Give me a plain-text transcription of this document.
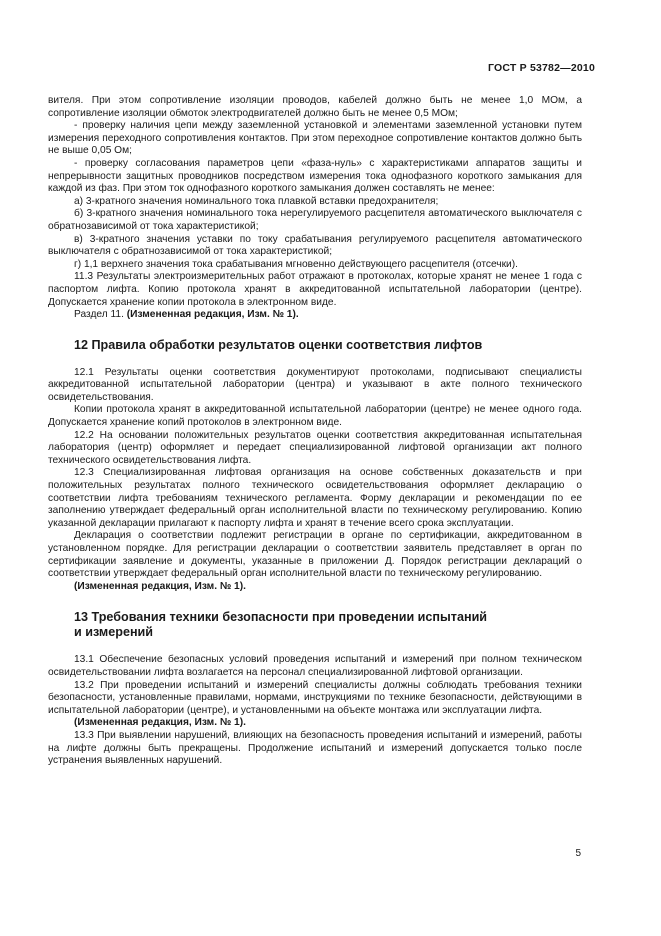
ГОСТ Р 53782—2010

вителя. При этом сопротивление изоляции проводов, кабелей должно быть не менее 1,0 МОм, а сопротивление изоляции обмоток электродвигателей должно быть не менее 0,5 МОм;

- проверку наличия цепи между заземленной установкой и элементами заземленной установки путем измерения переходного сопротивления контактов. При этом переходное сопротивление контактов должно быть не выше 0,05 Ом;

- проверку согласования параметров цепи «фаза-нуль» с характеристиками аппаратов защиты и непрерывности защитных проводников посредством измерения тока однофазного короткого замыкания для каждой из фаз. При этом ток однофазного короткого замыкания должен составлять не менее:

а) 3-кратного значения номинального тока плавкой вставки предохранителя;

б) 3-кратного значения номинального тока нерегулируемого расцепителя автоматического выключателя с обратнозависимой от тока характеристикой;

в) 3-кратного значения уставки по току срабатывания регулируемого расцепителя автоматического выключателя с обратнозависимой от тока характеристикой;

г) 1,1 верхнего значения тока срабатывания мгновенно действующего расцепителя (отсечки).

11.3 Результаты электроизмерительных работ отражают в протоколах, которые хранят не менее 1 года с паспортом лифта. Копию протокола хранят в аккредитованной испытательной лаборатории (центре). Допускается хранение копии протокола в электронном виде.

Раздел 11. (Измененная редакция, Изм. № 1).

12 Правила обработки результатов оценки соответствия лифтов

12.1 Результаты оценки соответствия документируют протоколами, подписывают специалисты аккредитованной испытательной лаборатории (центра) и указывают в акте полного технического освидетельствования.

Копии протокола хранят в аккредитованной испытательной лаборатории (центре) не менее одного года. Допускается хранение копий протоколов в электронном виде.

12.2 На основании положительных результатов оценки соответствия аккредитованная испытательная лаборатория (центр) оформляет и передает специализированной лифтовой организации акт полного технического освидетельствования лифта.

12.3 Специализированная лифтовая организация на основе собственных доказательств и при положительных результатах полного технического освидетельствования оформляет декларацию о соответствии лифта требованиям технического регламента. Форму декларации и рекомендации по ее заполнению утверждает федеральный орган исполнительной власти по техническому регулированию. Копию указанной декларации прилагают к паспорту лифта и хранят в течение всего срока эксплуатации.

Декларация о соответствии подлежит регистрации в органе по сертификации, аккредитованном в установленном порядке. Для регистрации декларации о соответствии заявитель представляет в орган по сертификации заявление и документы, указанные в приложении Д. Порядок регистрации деклараций о соответствии утверждает федеральный орган исполнительной власти по техническому регулированию.

(Измененная редакция, Изм. № 1).

13 Требования техники безопасности при проведении испытаний
и измерений

13.1 Обеспечение безопасных условий проведения испытаний и измерений при полном техническом освидетельствовании лифта возлагается на персонал специализированной лифтовой организации.

13.2 При проведении испытаний и измерений специалисты должны соблюдать требования техники безопасности, установленные правилами, нормами, инструкциями по технике безопасности, действующими в испытательной лаборатории (центре), и установленными на объекте монтажа или эксплуатации лифта.

(Измененная редакция, Изм. № 1).

13.3 При выявлении нарушений, влияющих на безопасность проведения испытаний и измерений, работы на лифте должны быть прекращены. Продолжение испытаний и измерений допускается только после устранения выявленных нарушений.

5
